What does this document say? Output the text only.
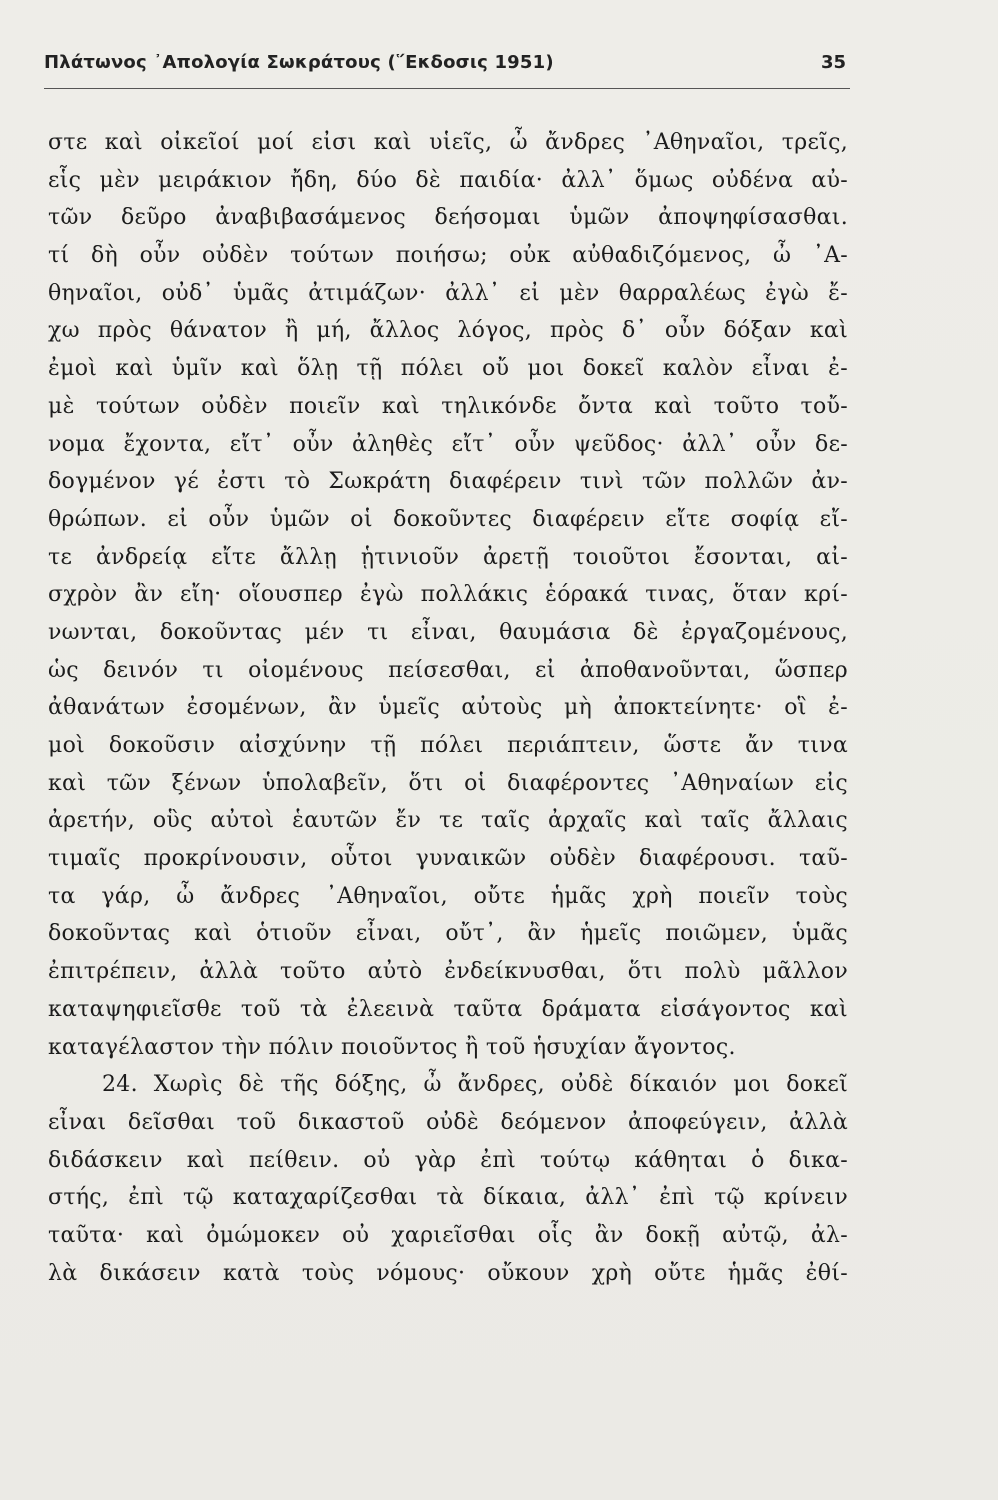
Πλάτωνος ᾽Απολογία Σωκράτους (῞Εκδοσις 1951)	35
στε καὶ οἰκεῖοί μοί εἰσι καὶ υἱεῖς, ὦ ἄνδρες ᾽Αθηναῖοι, τρεῖς,
εἷς μὲν μειράκιον ἤδη, δύο δὲ παιδία· ἀλλ᾽ ὅμως οὐδένα αὐ-
τῶν δεῦρο ἀναβιβασάμενος δεήσομαι ὑμῶν ἀποψηφίσασθαι.
τί δὴ οὖν οὐδὲν τούτων ποιήσω; οὐκ αὐθαδιζόμενος, ὦ ᾽Α-
θηναῖοι, οὐδ᾽ ὑμᾶς ἀτιμάζων· ἀλλ᾽ εἰ μὲν θαρραλέως ἐγὼ ἔ-
χω πρὸς θάνατον ἢ μή, ἄλλος λόγος, πρὸς δ᾽ οὖν δόξαν καὶ
ἐμοὶ καὶ ὑμῖν καὶ ὅλῃ τῇ πόλει οὔ μοι δοκεῖ καλὸν εἶναι ἐ-
μὲ τούτων οὐδὲν ποιεῖν καὶ τηλικόνδε ὄντα καὶ τοῦτο τοὔ-
νομα ἔχοντα, εἴτ᾽ οὖν ἀληθὲς εἴτ᾽ οὖν ψεῦδος· ἀλλ᾽ οὖν δε-
δογμένον γέ ἐστι τὸ Σωκράτη διαφέρειν τινὶ τῶν πολλῶν ἀν-
θρώπων. εἰ οὖν ὑμῶν οἱ δοκοῦντες διαφέρειν εἴτε σοφίᾳ εἴ-
τε ἀνδρείᾳ εἴτε ἄλλῃ ᾑτινιοῦν ἀρετῇ τοιοῦτοι ἔσονται, αἰ-
σχρὸν ἂν εἴη· οἵουσπερ ἐγὼ πολλάκις ἑόρακά τινας, ὅταν κρί-
νωνται, δοκοῦντας μέν τι εἶναι, θαυμάσια δὲ ἐργαζομένους,
ὡς δεινόν τι οἰομένους πείσεσθαι, εἰ ἀποθανοῦνται, ὥσπερ
ἀθανάτων ἐσομένων, ἂν ὑμεῖς αὐτοὺς μὴ ἀποκτείνητε· οἳ ἐ-
μοὶ δοκοῦσιν αἰσχύνην τῇ πόλει περιάπτειν, ὥστε ἄν τινα
καὶ τῶν ξένων ὑπολαβεῖν, ὅτι οἱ διαφέροντες ᾽Αθηναίων εἰς
ἀρετήν, οὓς αὐτοὶ ἑαυτῶν ἔν τε ταῖς ἀρχαῖς καὶ ταῖς ἄλλαις
τιμαῖς προκρίνουσιν, οὗτοι γυναικῶν οὐδὲν διαφέρουσι. ταῦ-
τα γάρ, ὦ ἄνδρες ᾽Αθηναῖοι, οὔτε ἡμᾶς χρὴ ποιεῖν τοὺς
δοκοῦντας καὶ ὁτιοῦν εἶναι, οὔτ᾽, ἂν ἡμεῖς ποιῶμεν, ὑμᾶς
ἐπιτρέπειν, ἀλλὰ τοῦτο αὐτὸ ἐνδείκνυσθαι, ὅτι πολὺ μᾶλλον
καταψηφιεῖσθε τοῦ τὰ ἐλεεινὰ ταῦτα δράματα εἰσάγοντος καὶ
καταγέλαστον τὴν πόλιν ποιοῦντος ἢ τοῦ ἡσυχίαν ἄγοντος.
24. Χωρὶς δὲ τῆς δόξης, ὦ ἄνδρες, οὐδὲ δίκαιόν μοι δοκεῖ
εἶναι δεῖσθαι τοῦ δικαστοῦ οὐδὲ δεόμενον ἀποφεύγειν, ἀλλὰ
διδάσκειν καὶ πείθειν. οὐ γὰρ ἐπὶ τούτῳ κάθηται ὁ δικα-
στής, ἐπὶ τῷ καταχαρίζεσθαι τὰ δίκαια, ἀλλ᾽ ἐπὶ τῷ κρίνειν
ταῦτα· καὶ ὀμώμοκεν οὐ χαριεῖσθαι οἷς ἂν δοκῇ αὐτῷ, ἀλ-
λὰ δικάσειν κατὰ τοὺς νόμους· οὔκουν χρὴ οὔτε ἡμᾶς ἐθί-
